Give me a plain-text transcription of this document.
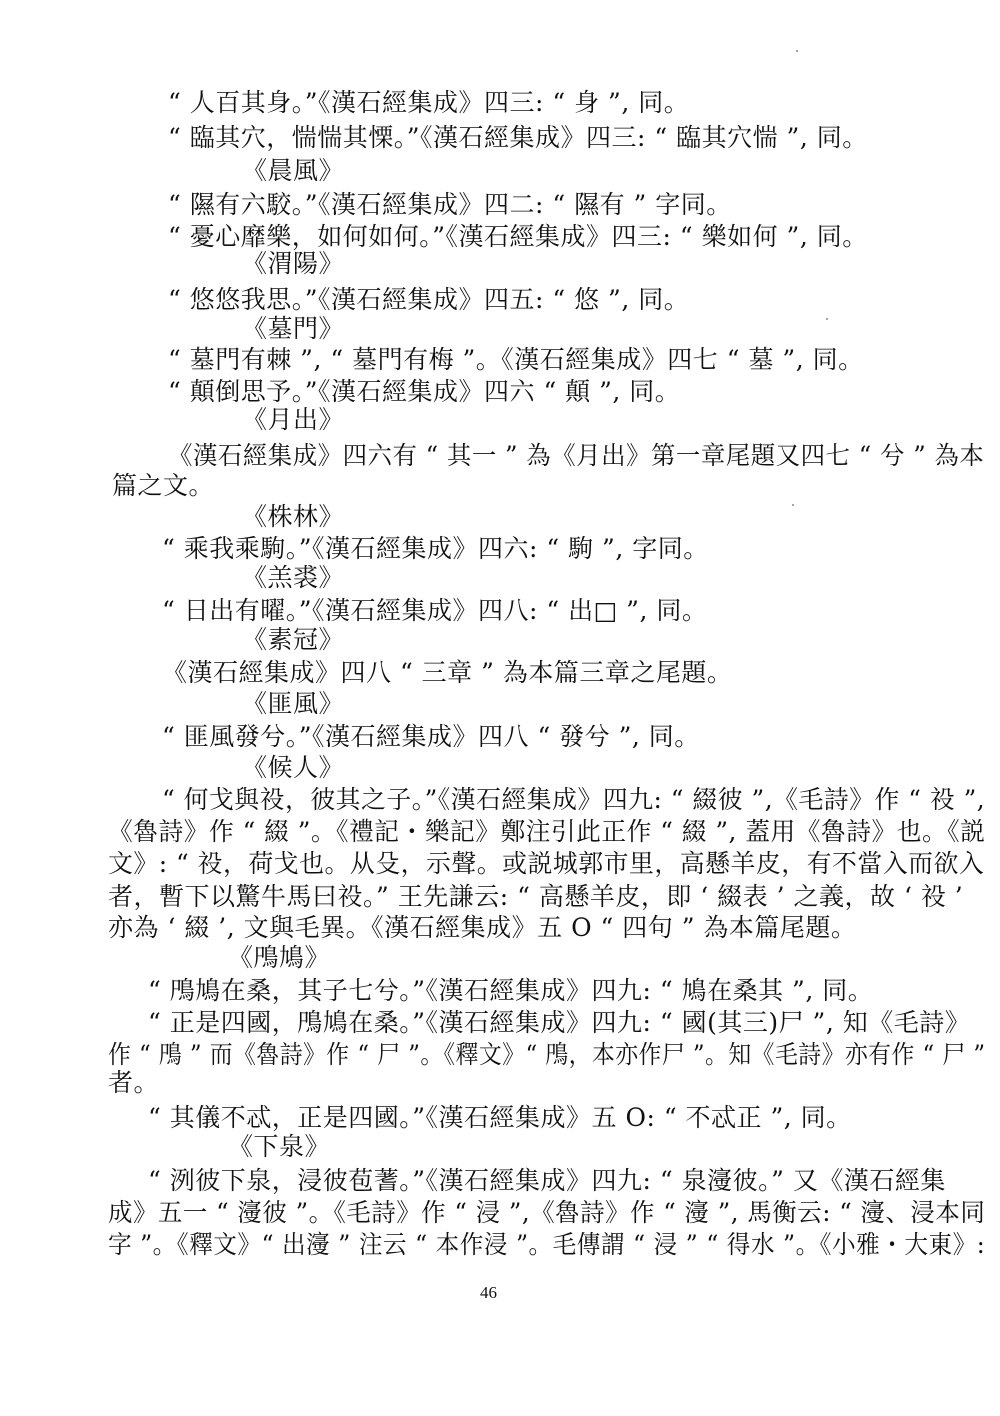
“ 人百其身。”《漢石經集成》四三: “ 身 ”, 同。
“ 臨其穴，惴惴其慄。”《漢石經集成》四三: “ 臨其穴惴 ”, 同。
《晨風》
“ 隰有六駮。”《漢石經集成》四二: “ 隰有 ” 字同。
“ 憂心靡樂，如何如何。”《漢石經集成》四三: “ 樂如何 ”, 同。
《渭陽》
“ 悠悠我思。”《漢石經集成》四五: “ 悠 ”, 同。
《墓門》
“ 墓門有棘 ”, “ 墓門有梅 ”。《漢石經集成》四七 “ 墓 ”, 同。
“ 顛倒思予。”《漢石經集成》四六 “ 顛 ”, 同。
《月出》
《漢石經集成》四六有 “ 其一 ” 為《月出》第一章尾題又四七 “ 兮 ” 為本
篇之文。
《株林》
“ 乘我乘駒。”《漢石經集成》四六: “ 駒 ”, 字同。
《羔裘》
“ 日出有曜。”《漢石經集成》四八: “ 出□ ”, 同。
《素冠》
《漢石經集成》四八 “ 三章 ” 為本篇三章之尾題。
《匪風》
“ 匪風發兮。”《漢石經集成》四八 “ 發兮 ”, 同。
《候人》
“ 何戈與祋，彼其之子。”《漢石經集成》四九: “ 綴彼 ”,《毛詩》作 “ 祋 ”,
《魯詩》作 “ 綴 ”。《禮記・樂記》鄭注引此正作 “ 綴 ”, 蓋用《魯詩》也。《説
文》: “ 祋，荷戈也。从殳，示聲。或説城郭市里，高懸羊皮，有不當入而欲入
者，暫下以驚牛馬曰祋。” 王先謙云: “ 高懸羊皮，即 ‘ 綴表 ’ 之義，故 ‘ 祋 ’
亦為 ‘ 綴 ’, 文與毛異。《漢石經集成》五 O “ 四句 ” 為本篇尾題。
《鳲鳩》
“ 鳲鳩在桑，其子七兮。”《漢石經集成》四九: “ 鳩在桑其 ”, 同。
“ 正是四國，鳲鳩在桑。”《漢石經集成》四九: “ 國(其三)尸 ”, 知《毛詩》
作 “ 鳲 ” 而《魯詩》作 “ 尸 ”。《釋文》“ 鳲，本亦作尸 ”。知《毛詩》亦有作 “ 尸 ”
者。
“ 其儀不忒，正是四國。”《漢石經集成》五 O: “ 不忒正 ”, 同。
《下泉》
“ 洌彼下泉，浸彼苞蓍。”《漢石經集成》四九: “ 泉濅彼。” 又《漢石經集
成》五一 “ 濅彼 ”。《毛詩》作 “ 浸 ”,《魯詩》作 “ 濅 ”, 馬衡云: “ 濅、浸本同
字 ”。《釋文》“ 出濅 ” 注云 “ 本作浸 ”。毛傳謂 “ 浸 ” “ 得水 ”。《小雅・大東》:
46
